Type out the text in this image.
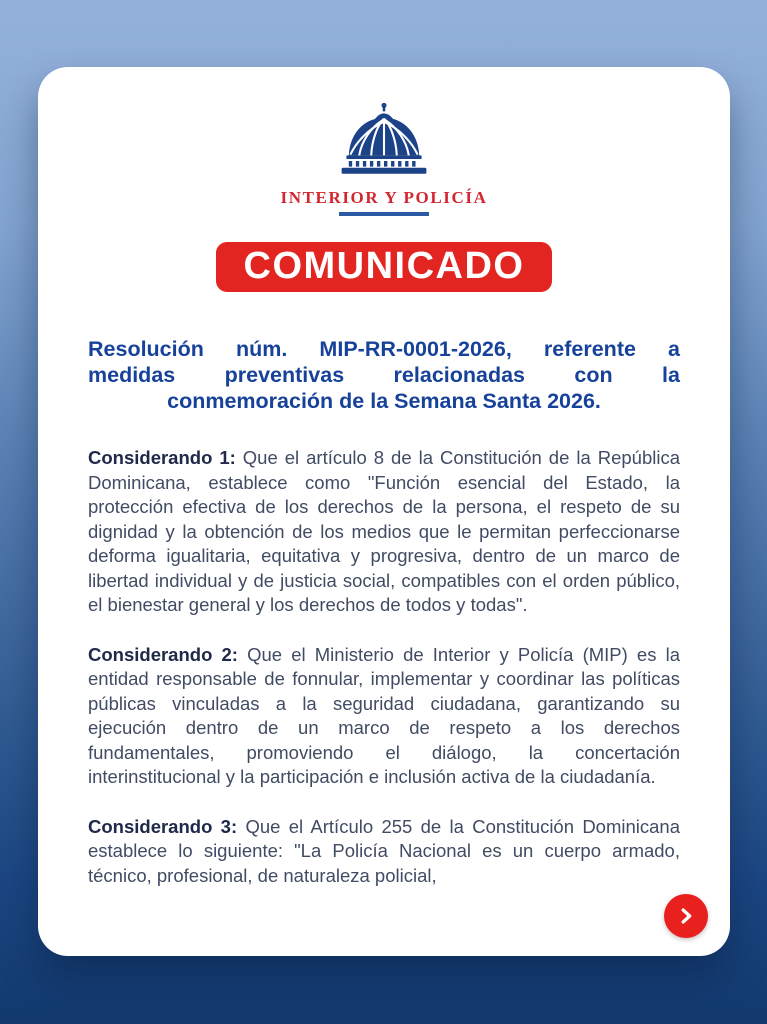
INTERIOR Y POLICÍA
COMUNICADO
Resolución núm. MIP-RR-0001-2026, referente a
medidas preventivas relacionadas con la
conmemoración de la Semana Santa 2026.

Considerando 1: Que el artículo 8 de la Constitución de la República Dominicana, establece como "Función esencial del Estado, la protección efectiva de los derechos de la persona, el respeto de su dignidad y la obtención de los medios que le permitan perfeccionarse deforma igualitaria, equitativa y progresiva, dentro de un marco de libertad individual y de justicia social, compatibles con el orden público, el bienestar general y los derechos de todos y todas".

Considerando 2: Que el Ministerio de Interior y Policía (MIP) es la entidad responsable de fonnular, implementar y coordinar las políticas públicas vinculadas a la seguridad ciudadana, garantizando su ejecución dentro de un marco de respeto a los derechos fundamentales, promoviendo el diálogo, la concertación interinstitucional y la participación e inclusión activa de la ciudadanía.

Considerando 3: Que el Artículo 255 de la Constitución Dominicana establece lo siguiente: "La Policía Nacional es un cuerpo armado, técnico, profesional, de naturaleza policial,
